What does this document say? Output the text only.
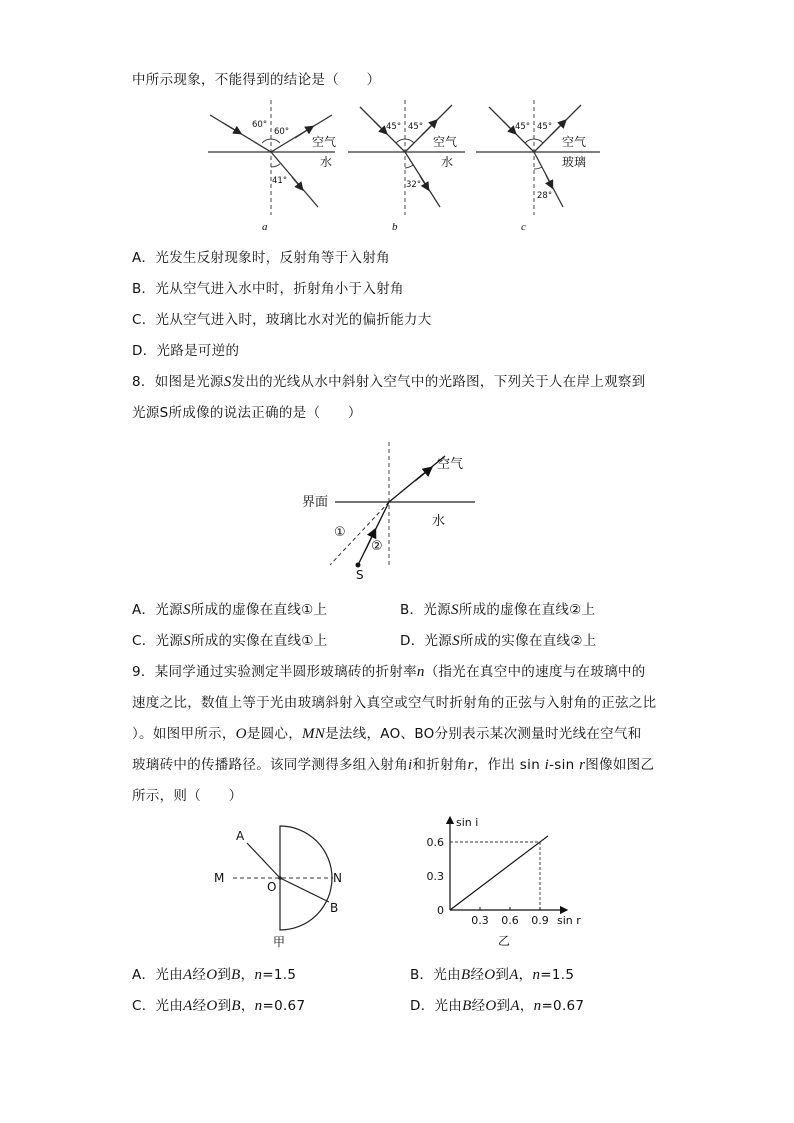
中所示现象，不能得到的结论是（　　）
60°
60°
41°
空气
水
a
45° 45°
32°
空气
水
b
45° 45°
28°
空气
玻璃
c
A．光发生反射现象时，反射角等于入射角
B．光从空气进入水中时，折射角小于入射角
C．光从空气进入时，玻璃比水对光的偏折能力大
D．光路是可逆的
8．如图是光源S发出的光线从水中斜射入空气中的光路图，下列关于人在岸上观察到
光源S所成像的说法正确的是（　　）
空气
界面
水
①
②
S
A．光源S所成的虚像在直线①上	B．光源S所成的虚像在直线②上
C．光源S所成的实像在直线①上	D．光源S所成的实像在直线②上
9．某同学通过实验测定半圆形玻璃砖的折射率n（指光在真空中的速度与在玻璃中的
速度之比，数值上等于光由玻璃斜射入真空或空气时折射角的正弦与入射角的正弦之比
）。如图甲所示，O是圆心，MN是法线，AO、BO分别表示某次测量时光线在空气和
玻璃砖中的传播路径。该同学测得多组入射角i和折射角r，作出 sin i-sin r图像如图乙
所示，则（　　）
A
M
O
N
B
甲
sin i
sin r
0.3 0.6 0.9
0
0.3
0.6
乙
A．光由A经O到B，n=1.5	B．光由B经O到A，n=1.5
C．光由A经O到B，n=0.67	D．光由B经O到A，n=0.67
